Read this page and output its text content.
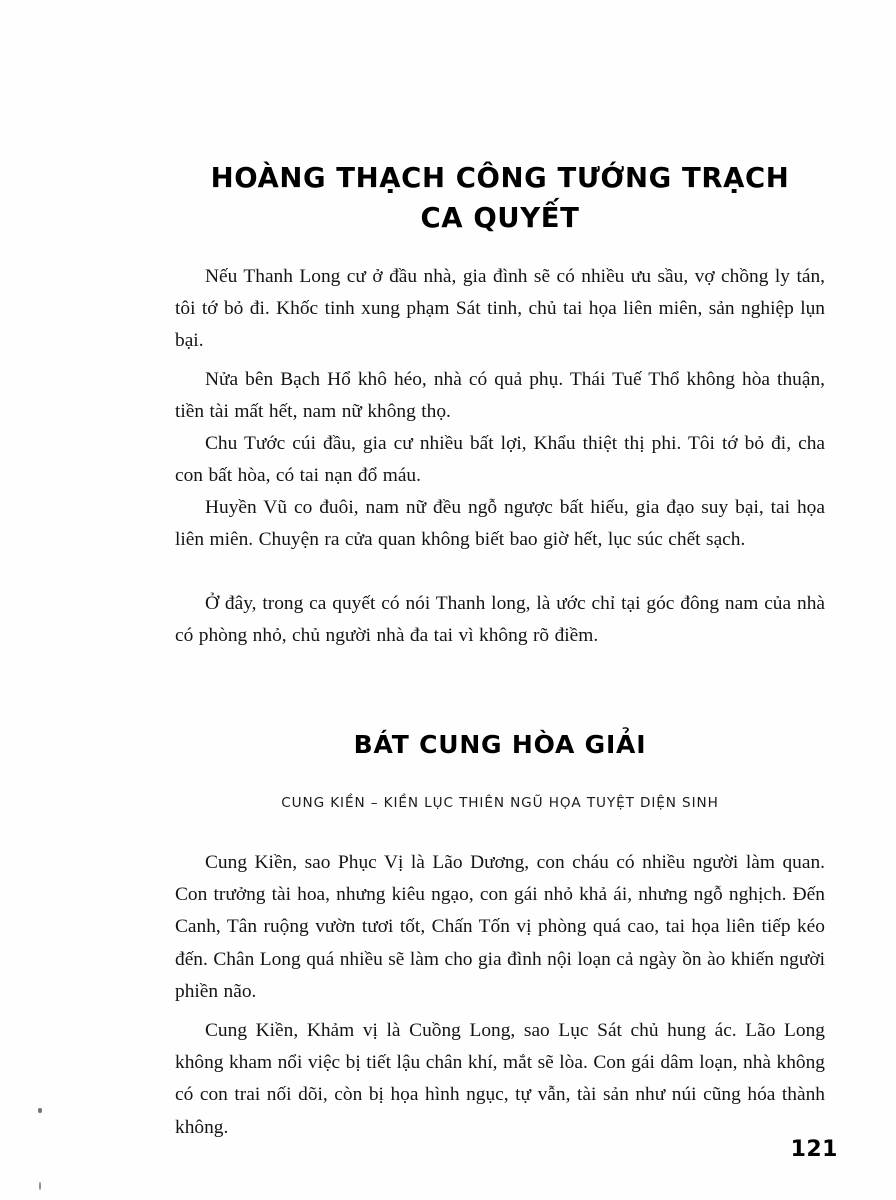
HOÀNG THẠCH CÔNG TƯỚNG TRẠCH
CA QUYẾT

Nếu Thanh Long cư ở đầu nhà, gia đình sẽ có nhiều ưu sầu, vợ chồng ly tán, tôi tớ bỏ đi. Khốc tinh xung phạm Sát tinh, chủ tai họa liên miên, sản nghiệp lụn bại.

Nửa bên Bạch Hổ khô héo, nhà có quả phụ. Thái Tuế Thổ không hòa thuận, tiền tài mất hết, nam nữ không thọ.

Chu Tước cúi đầu, gia cư nhiều bất lợi, Khẩu thiệt thị phi. Tôi tớ bỏ đi, cha con bất hòa, có tai nạn đổ máu.

Huyền Vũ co đuôi, nam nữ đều ngỗ ngược bất hiếu, gia đạo suy bại, tai họa liên miên. Chuyện ra cửa quan không biết bao giờ hết, lục súc chết sạch.

Ở đây, trong ca quyết có nói Thanh long, là ước chỉ tại góc đông nam của nhà có phòng nhỏ, chủ người nhà đa tai vì không rõ điềm.

BÁT CUNG HÒA GIẢI
CUNG KIỀN – KIỀN LỤC THIÊN NGŨ HỌA TUYỆT DIỆN SINH

Cung Kiền, sao Phục Vị là Lão Dương, con cháu có nhiều người làm quan. Con trưởng tài hoa, nhưng kiêu ngạo, con gái nhỏ khả ái, nhưng ngỗ nghịch. Đến Canh, Tân ruộng vườn tươi tốt, Chấn Tốn vị phòng quá cao, tai họa liên tiếp kéo đến. Chân Long quá nhiều sẽ làm cho gia đình nội loạn cả ngày ồn ào khiến người phiền não.

Cung Kiền, Khảm vị là Cuồng Long, sao Lục Sát chủ hung ác. Lão Long không kham nổi việc bị tiết lậu chân khí, mắt sẽ lòa. Con gái dâm loạn, nhà không có con trai nối dõi, còn bị họa hình ngục, tự vẫn, tài sản như núi cũng hóa thành không.

121
